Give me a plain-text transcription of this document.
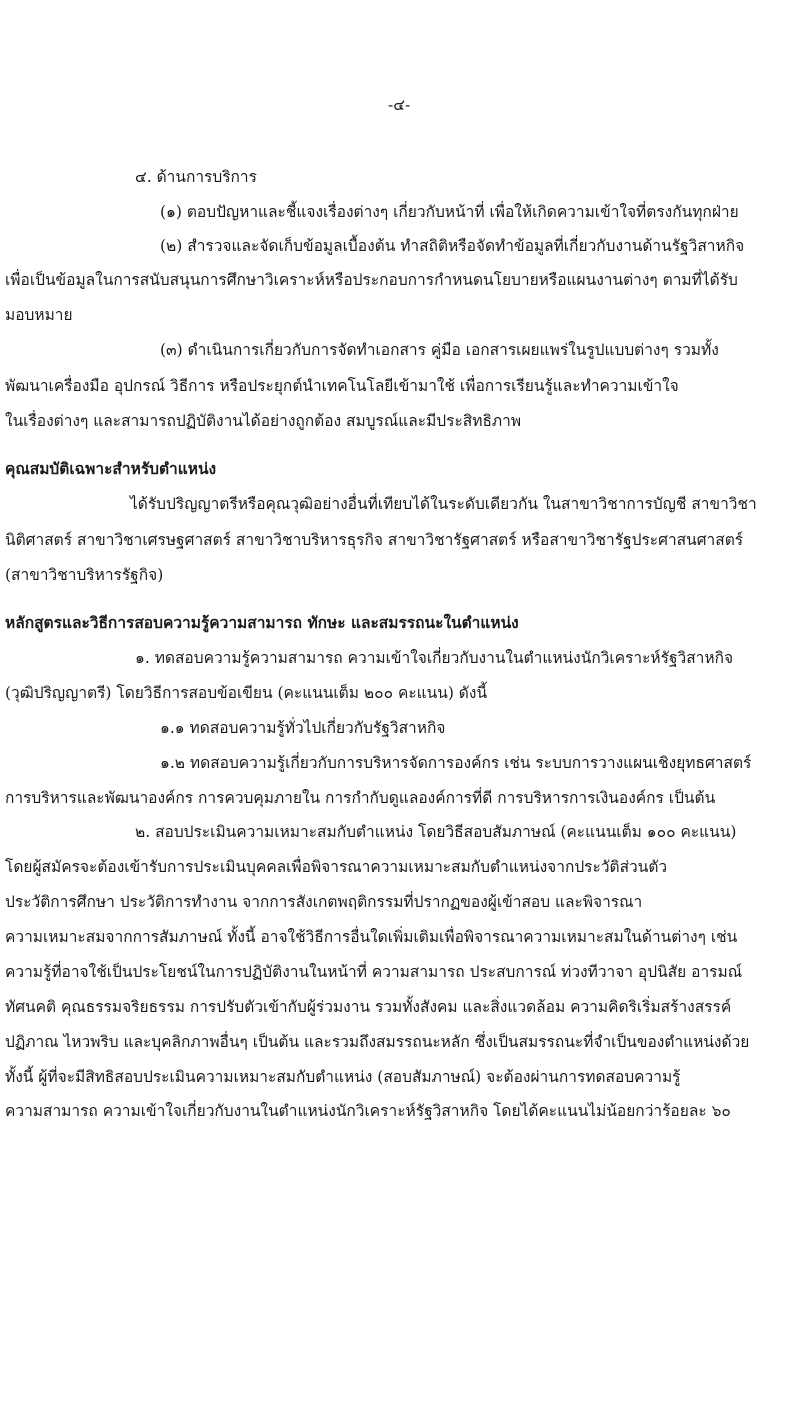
-๔-
๔. ด้านการบริการ
(๑) ตอบปัญหาและชี้แจงเรื่องต่างๆ เกี่ยวกับหน้าที่ เพื่อให้เกิดความเข้าใจที่ตรงกันทุกฝ่าย
(๒) สำรวจและจัดเก็บข้อมูลเบื้องต้น ทำสถิติหรือจัดทำข้อมูลที่เกี่ยวกับงานด้านรัฐวิสาหกิจ
เพื่อเป็นข้อมูลในการสนับสนุนการศึกษาวิเคราะห์หรือประกอบการกำหนดนโยบายหรือแผนงานต่างๆ ตามที่ได้รับ
มอบหมาย
(๓) ดำเนินการเกี่ยวกับการจัดทำเอกสาร คู่มือ เอกสารเผยแพร่ในรูปแบบต่างๆ รวมทั้ง
พัฒนาเครื่องมือ อุปกรณ์ วิธีการ หรือประยุกต์นำเทคโนโลยีเข้ามาใช้ เพื่อการเรียนรู้และทำความเข้าใจ
ในเรื่องต่างๆ และสามารถปฏิบัติงานได้อย่างถูกต้อง สมบูรณ์และมีประสิทธิภาพ
คุณสมบัติเฉพาะสำหรับตำแหน่ง
ได้รับปริญญาตรีหรือคุณวุฒิอย่างอื่นที่เทียบได้ในระดับเดียวกัน ในสาขาวิชาการบัญชี สาขาวิชา
นิติศาสตร์ สาขาวิชาเศรษฐศาสตร์ สาขาวิชาบริหารธุรกิจ สาขาวิชารัฐศาสตร์ หรือสาขาวิชารัฐประศาสนศาสตร์
(สาขาวิชาบริหารรัฐกิจ)
หลักสูตรและวิธีการสอบความรู้ความสามารถ ทักษะ และสมรรถนะในตำแหน่ง
๑. ทดสอบความรู้ความสามารถ ความเข้าใจเกี่ยวกับงานในตำแหน่งนักวิเคราะห์รัฐวิสาหกิจ
(วุฒิปริญญาตรี) โดยวิธีการสอบข้อเขียน (คะแนนเต็ม ๒๐๐ คะแนน) ดังนี้
๑.๑ ทดสอบความรู้ทั่วไปเกี่ยวกับรัฐวิสาหกิจ
๑.๒ ทดสอบความรู้เกี่ยวกับการบริหารจัดการองค์กร เช่น ระบบการวางแผนเชิงยุทธศาสตร์
การบริหารและพัฒนาองค์กร การควบคุมภายใน การกำกับดูแลองค์การที่ดี การบริหารการเงินองค์กร เป็นต้น
๒. สอบประเมินความเหมาะสมกับตำแหน่ง โดยวิธีสอบสัมภาษณ์ (คะแนนเต็ม ๑๐๐ คะแนน)
โดยผู้สมัครจะต้องเข้ารับการประเมินบุคคลเพื่อพิจารณาความเหมาะสมกับตำแหน่งจากประวัติส่วนตัว
ประวัติการศึกษา ประวัติการทำงาน จากการสังเกตพฤติกรรมที่ปรากฏของผู้เข้าสอบ และพิจารณา
ความเหมาะสมจากการสัมภาษณ์ ทั้งนี้ อาจใช้วิธีการอื่นใดเพิ่มเติมเพื่อพิจารณาความเหมาะสมในด้านต่างๆ เช่น
ความรู้ที่อาจใช้เป็นประโยชน์ในการปฏิบัติงานในหน้าที่ ความสามารถ ประสบการณ์ ท่วงทีวาจา อุปนิสัย อารมณ์
ทัศนคติ คุณธรรมจริยธรรม การปรับตัวเข้ากับผู้ร่วมงาน รวมทั้งสังคม และสิ่งแวดล้อม ความคิดริเริ่มสร้างสรรค์
ปฏิภาณ ไหวพริบ และบุคลิกภาพอื่นๆ เป็นต้น และรวมถึงสมรรถนะหลัก ซึ่งเป็นสมรรถนะที่จำเป็นของตำแหน่งด้วย
ทั้งนี้ ผู้ที่จะมีสิทธิสอบประเมินความเหมาะสมกับตำแหน่ง (สอบสัมภาษณ์) จะต้องผ่านการทดสอบความรู้
ความสามารถ ความเข้าใจเกี่ยวกับงานในตำแหน่งนักวิเคราะห์รัฐวิสาหกิจ โดยได้คะแนนไม่น้อยกว่าร้อยละ ๖๐
